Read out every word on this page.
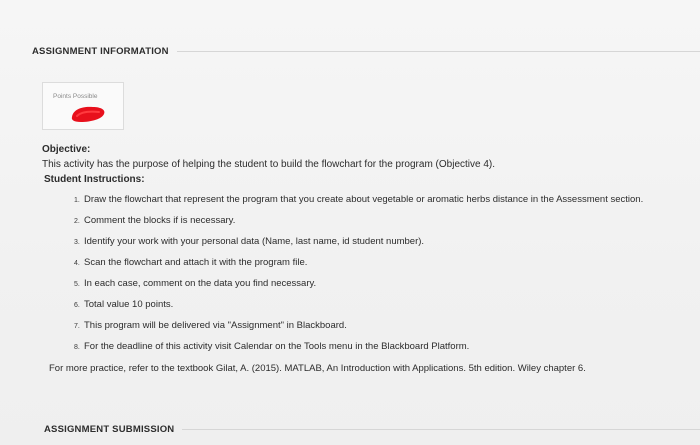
ASSIGNMENT INFORMATION
Points Possible
Objective:
This activity has the purpose of helping the student to build the flowchart for the program (Objective 4).
Student Instructions:
1. Draw the flowchart that represent the program that you create about vegetable or aromatic herbs distance in the Assessment section.
2. Comment the blocks if is necessary.
3. Identify your work with your personal data (Name, last name, id student number).
4. Scan the flowchart and attach it with the program file.
5. In each case, comment on the data you find necessary.
6. Total value 10 points.
7. This program will be delivered via "Assignment" in Blackboard.
8. For the deadline of this activity visit Calendar on the Tools menu in the Blackboard Platform.
For more practice, refer to the textbook Gilat, A. (2015). MATLAB, An Introduction with Applications. 5th edition. Wiley chapter 6.
ASSIGNMENT SUBMISSION
